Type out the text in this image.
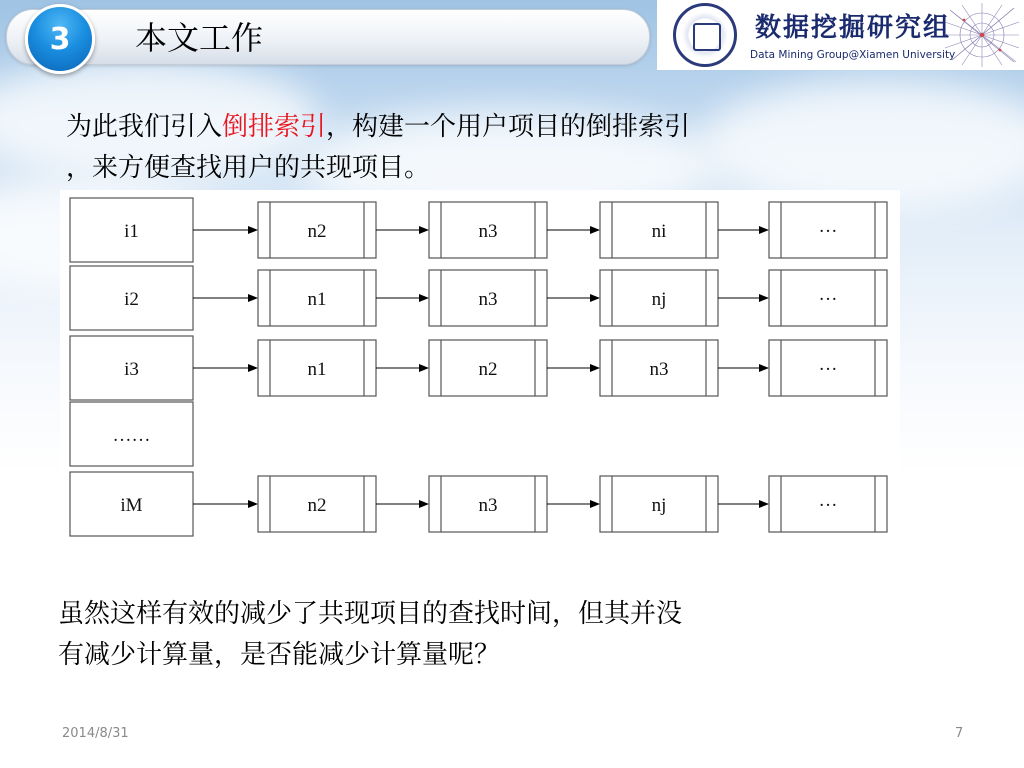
3	本文工作	数据挖掘研究组
Data Mining Group@Xiamen University
为此我们引入倒排索引，构建一个用户项目的倒排索引
，来方便查找用户的共现项目。
i1	n2	n3	ni	···
i2	n1	n3	nj	···
i3	n1	n2	n3	···
……
iM	n2	n3	nj	···
虽然这样有效的减少了共现项目的查找时间，但其并没
有减少计算量，是否能减少计算量呢？
2014/8/31	7
